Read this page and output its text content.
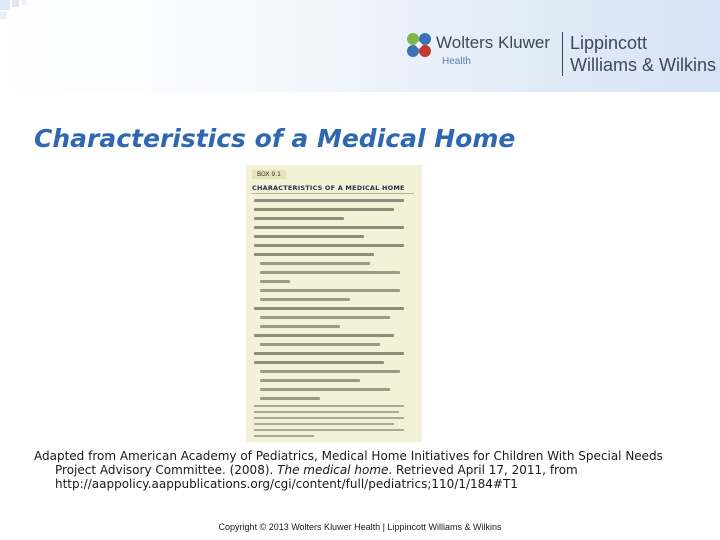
Wolters Kluwer
Health
Lippincott
Williams & Wilkins
Characteristics of a Medical Home
BOX 9.1
CHARACTERISTICS OF A MEDICAL HOME
Adapted from American Academy of Pediatrics, Medical Home Initiatives for Children With Special Needs
Project Advisory Committee. (2008). The medical home. Retrieved April 17, 2011, from
http://aappolicy.aappublications.org/cgi/content/full/pediatrics;110/1/184#T1
Copyright © 2013 Wolters Kluwer Health | Lippincott Williams & Wilkins
